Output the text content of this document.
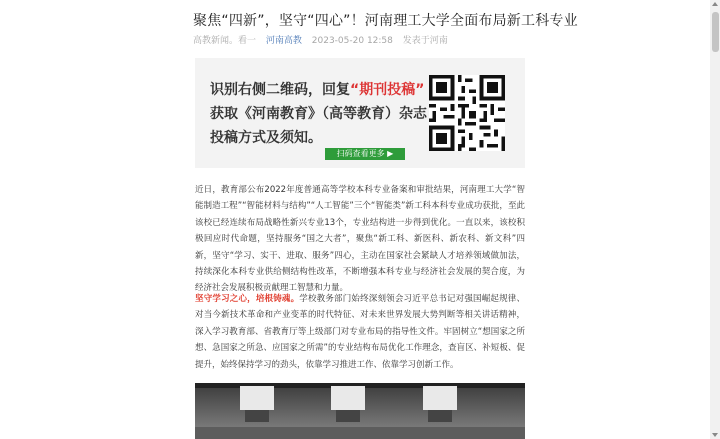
聚焦“四新”，坚守“四心”！河南理工大学全面布局新工科专业
高教新闻。看一 河南高教 2023-05-20 12:58 发表于河南
识别右侧二维码，回复“期刊投稿”
获取《河南教育》（高等教育）杂志
投稿方式及须知。
扫码查看更多 ▶
近日，教育部公布2022年度普通高等学校本科专业备案和审批结果，河南理工大学“智能制造工程”“智能材料与结构”“人工智能”三个“智能类”新工科本科专业成功获批，至此该校已经连续布局战略性新兴专业13个，专业结构进一步得到优化。一直以来，该校积极回应时代命题，坚持服务“国之大者”，聚焦“新工科、新医科、新农科、新文科”四新，坚守“学习、实干、进取、服务”四心，主动在国家社会紧缺人才培养领域做加法，持续深化本科专业供给侧结构性改革，不断增强本科专业与经济社会发展的契合度，为经济社会发展积极贡献理工智慧和力量。
坚守学习之心，培根铸魂。学校教务部门始终深刻领会习近平总书记对强国崛起规律、对当今新技术革命和产业变革的时代特征、对未来世界发展大势判断等相关讲话精神，深入学习教育部、省教育厅等上级部门对专业布局的指导性文件。牢固树立“想国家之所想、急国家之所急、应国家之所需”的专业结构布局优化工作理念，查盲区、补短板、促提升，始终保持学习的劲头，依靠学习推进工作、依靠学习创新工作。
